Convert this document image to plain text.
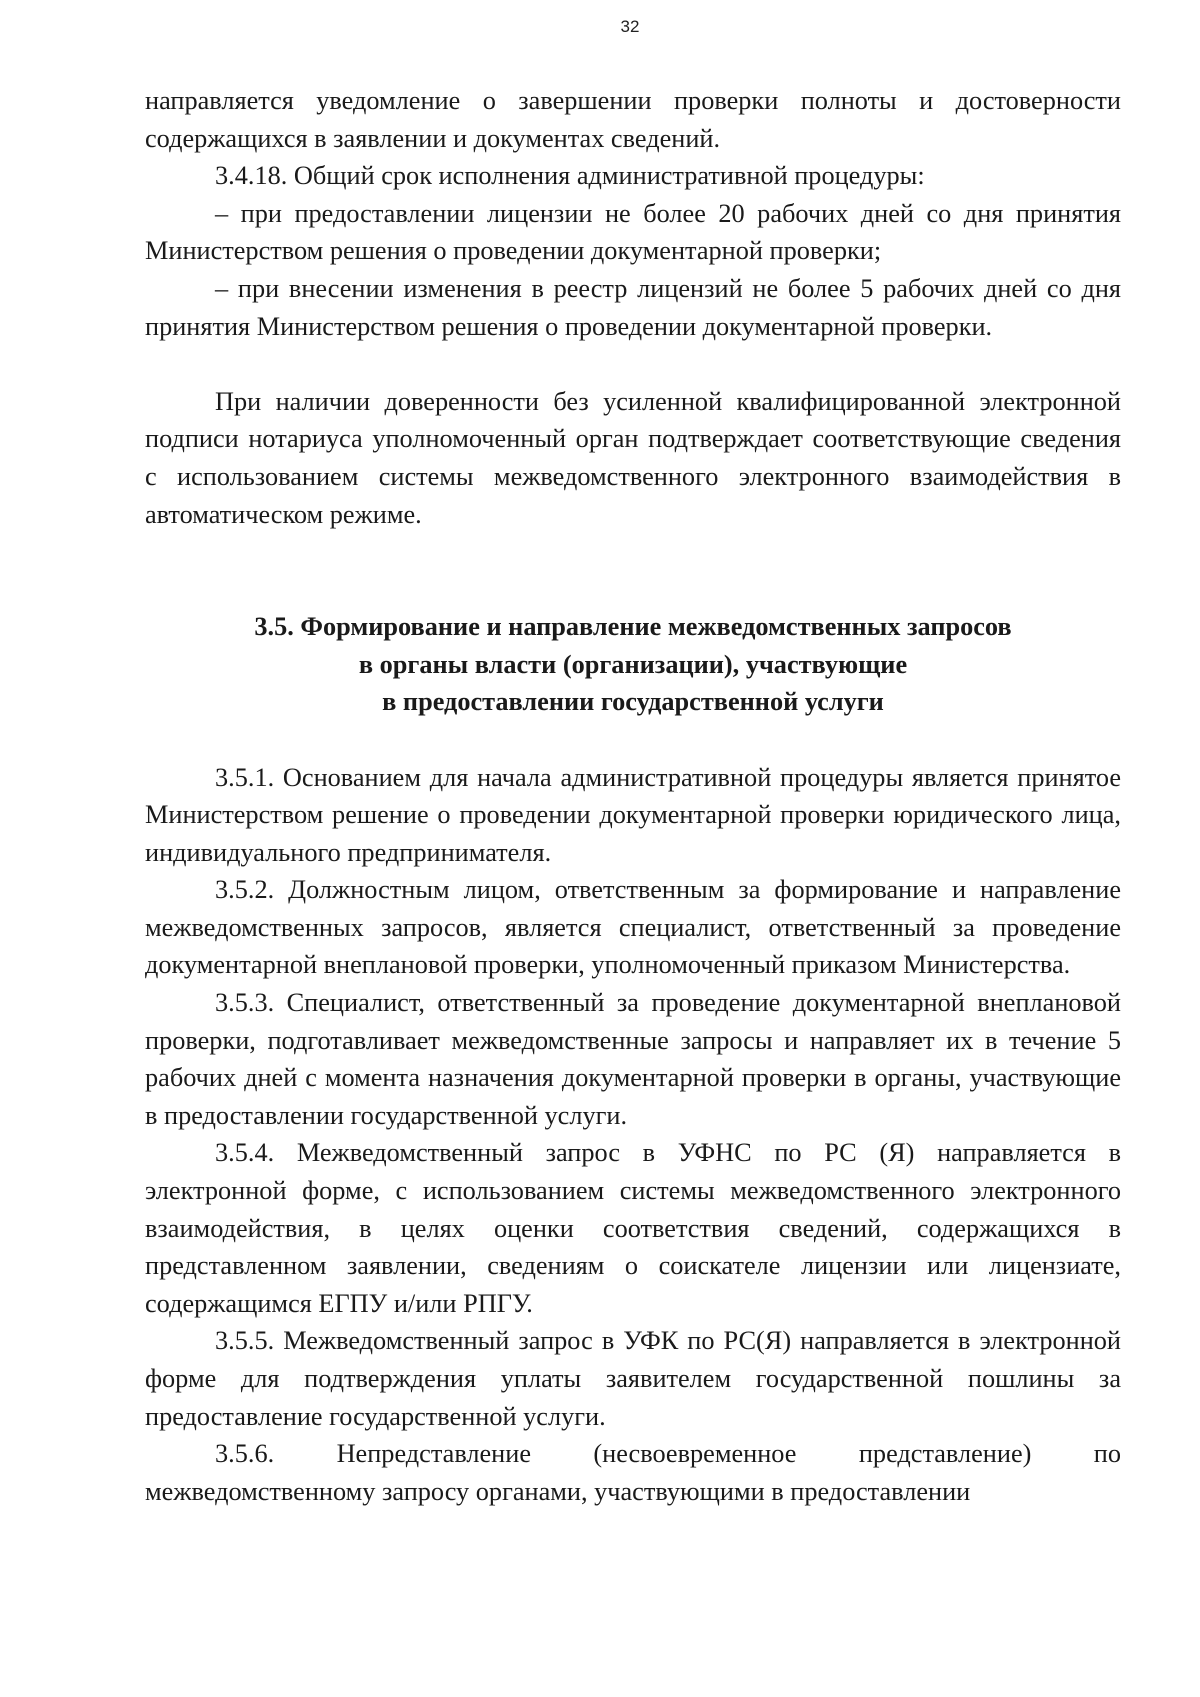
32

направляется уведомление о завершении проверки полноты и достоверности содержащихся в заявлении и документах сведений.

3.4.18. Общий срок исполнения административной процедуры:

– при предоставлении лицензии не более 20 рабочих дней со дня принятия Министерством решения о проведении документарной проверки;

– при внесении изменения в реестр лицензий не более 5 рабочих дней со дня принятия Министерством решения о проведении документарной проверки.

При наличии доверенности без усиленной квалифицированной электронной подписи нотариуса уполномоченный орган подтверждает соответствующие сведения с использованием системы межведомственного электронного взаимодействия в автоматическом режиме.

3.5. Формирование и направление межведомственных запросов
в органы власти (организации), участвующие
в предоставлении государственной услуги

3.5.1. Основанием для начала административной процедуры является принятое Министерством решение о проведении документарной проверки юридического лица, индивидуального предпринимателя.

3.5.2. Должностным лицом, ответственным за формирование и направление межведомственных запросов, является специалист, ответственный за проведение документарной внеплановой проверки, уполномоченный приказом Министерства.

3.5.3. Специалист, ответственный за проведение документарной внеплановой проверки, подготавливает межведомственные запросы и направляет их в течение 5 рабочих дней с момента назначения документарной проверки в органы, участвующие в предоставлении государственной услуги.

3.5.4. Межведомственный запрос в УФНС по РС (Я) направляется в электронной форме, с использованием системы межведомственного электронного взаимодействия, в целях оценки соответствия сведений, содержащихся в представленном заявлении, сведениям о соискателе лицензии или лицензиате, содержащимся ЕГПУ и/или РПГУ.

3.5.5. Межведомственный запрос в УФК по РС(Я) направляется в электронной форме для подтверждения уплаты заявителем государственной пошлины за предоставление государственной услуги.

3.5.6. Непредставление (несвоевременное представление) по межведомственному запросу органами, участвующими в предоставлении
